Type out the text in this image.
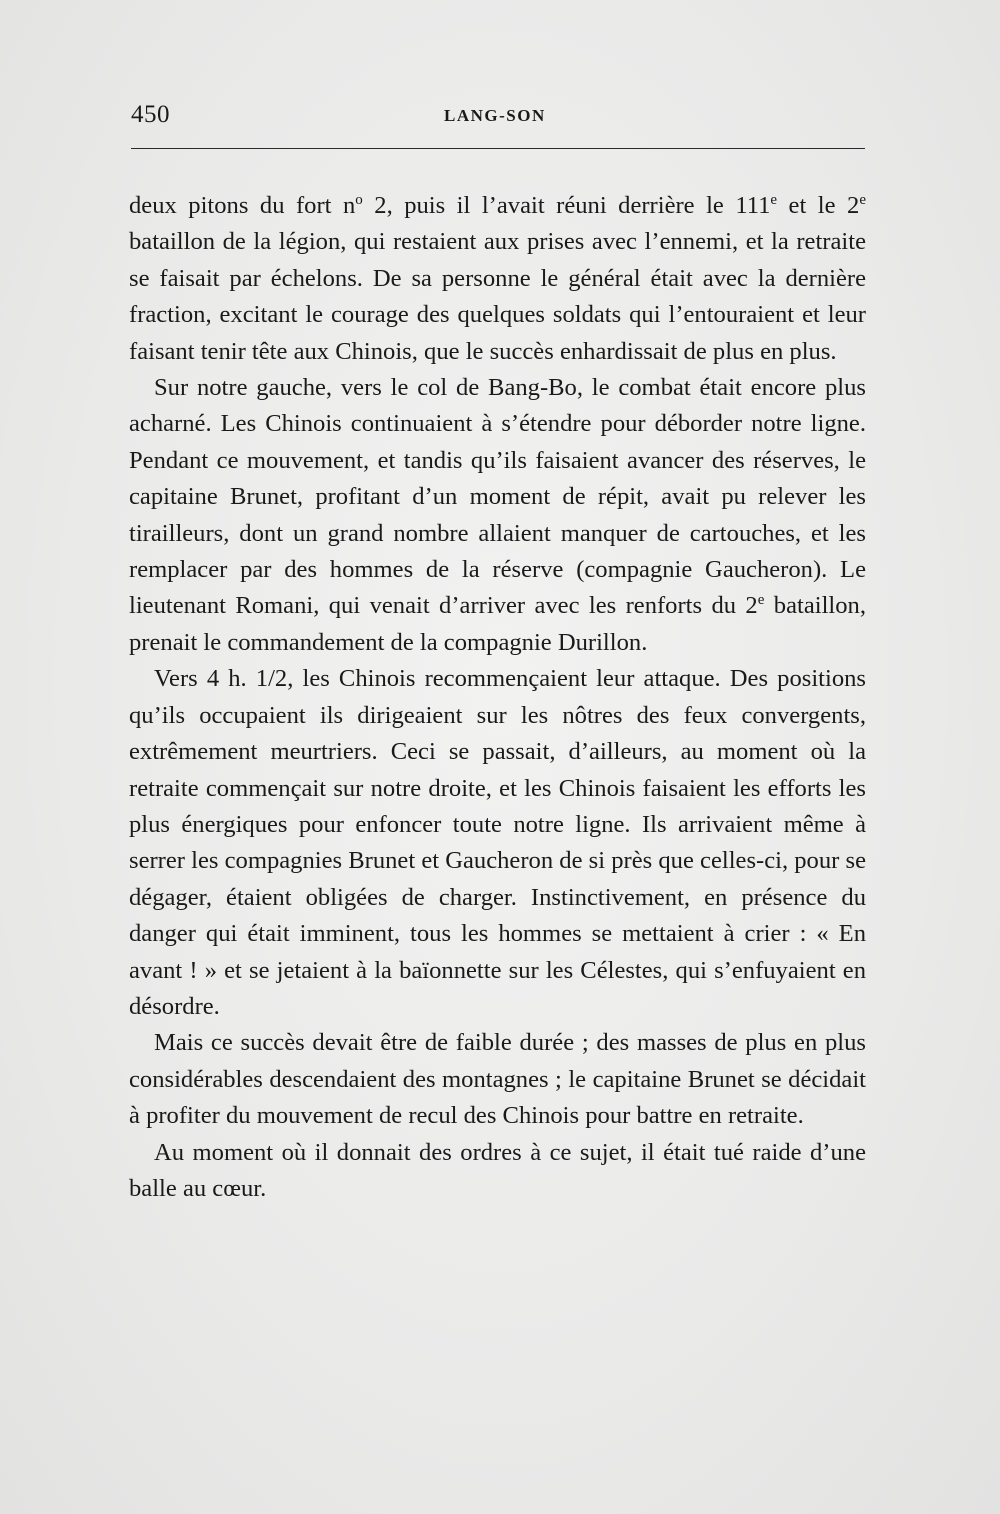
450	LANG-SON

deux pitons du fort $n^o$ 2, puis il l’avait réuni derrière le 111e et le 2e bataillon de la légion, qui restaient aux prises avec l’ennemi, et la retraite se faisait par échelons. De sa personne le général était avec la dernière fraction, excitant le courage des quelques soldats qui l’entouraient et leur faisant tenir tête aux Chinois, que le succès enhardissait de plus en plus.

Sur notre gauche, vers le col de Bang-Bo, le combat était encore plus acharné. Les Chinois continuaient à s’étendre pour déborder notre ligne. Pendant ce mouvement, et tandis qu’ils faisaient avancer des réserves, le capitaine Brunet, profitant d’un moment de répit, avait pu relever les tirailleurs, dont un grand nombre allaient manquer de cartouches, et les remplacer par des hommes de la réserve (compagnie Gaucheron). Le lieutenant Romani, qui venait d’arriver avec les renforts du 2e bataillon, prenait le commandement de la compagnie Durillon.

Vers 4 h. 1/2, les Chinois recommençaient leur attaque. Des positions qu’ils occupaient ils dirigeaient sur les nôtres des feux convergents, extrêmement meurtriers. Ceci se passait, d’ailleurs, au moment où la retraite commençait sur notre droite, et les Chinois faisaient les efforts les plus énergiques pour enfoncer toute notre ligne. Ils arrivaient même à serrer les compagnies Brunet et Gaucheron de si près que celles-ci, pour se dégager, étaient obligées de charger. Instinctivement, en présence du danger qui était imminent, tous les hommes se mettaient à crier : « En avant ! » et se jetaient à la baïonnette sur les Célestes, qui s’enfuyaient en désordre.

Mais ce succès devait être de faible durée ; des masses de plus en plus considérables descendaient des montagnes ; le capitaine Brunet se décidait à profiter du mouvement de recul des Chinois pour battre en retraite.

Au moment où il donnait des ordres à ce sujet, il était tué raide d’une balle au cœur.
